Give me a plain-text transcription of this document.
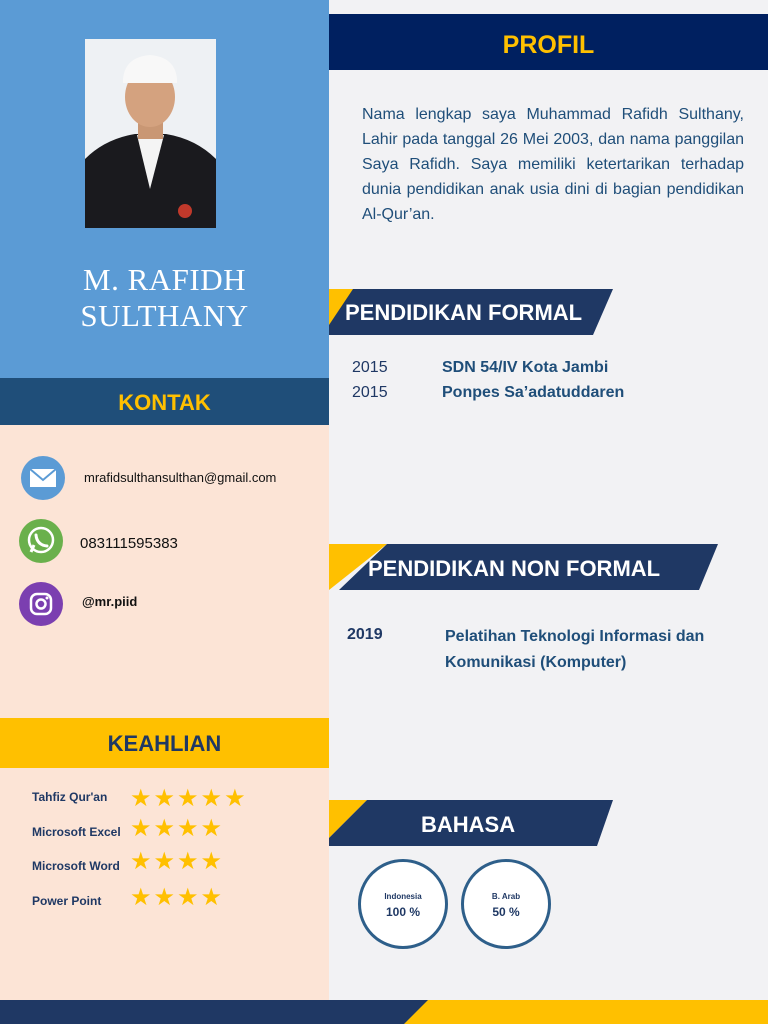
M. RAFIDH SULTHANY
KONTAK
mrafidsulthansulthan@gmail.com
083111595383
@mr.piid
KEAHLIAN
Tahfiz Qur'an ★★★★★
Microsoft Excel ★★★★
Microsoft Word ★★★★
Power Point ★★★★
PROFIL
Nama lengkap saya Muhammad Rafidh Sulthany, Lahir pada tanggal 26 Mei 2003, dan nama panggilan Saya Rafidh. Saya memiliki ketertarikan terhadap dunia pendidikan anak usia dini di bagian pendidikan Al-Qur’an.
PENDIDIKAN FORMAL
2015	SDN 54/IV Kota Jambi
2015	Ponpes Sa’adatuddaren
PENDIDIKAN NON FORMAL
2019	Pelatihan Teknologi Informasi dan Komunikasi (Komputer)
BAHASA
Indonesia
100 %
B. Arab
50 %
